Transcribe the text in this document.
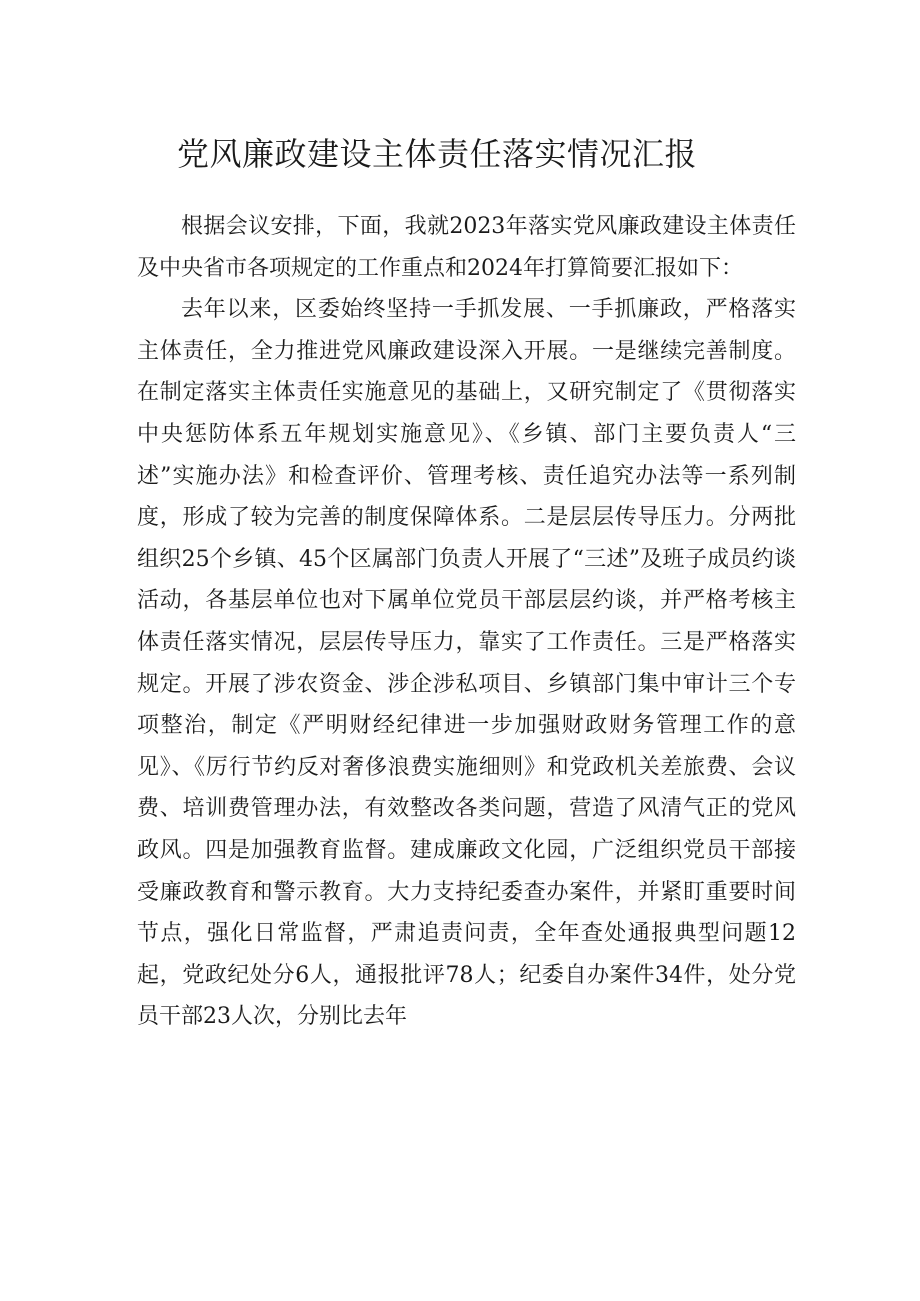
党风廉政建设主体责任落实情况汇报

根据会议安排，下面，我就2023年落实党风廉政建设主体责任及中央省市各项规定的工作重点和2024年打算简要汇报如下：

去年以来，区委始终坚持一手抓发展、一手抓廉政，严格落实主体责任，全力推进党风廉政建设深入开展。一是继续完善制度。在制定落实主体责任实施意见的基础上，又研究制定了《贯彻落实中央惩防体系五年规划实施意见》、《乡镇、部门主要负责人“三述”实施办法》和检查评价、管理考核、责任追究办法等一系列制度，形成了较为完善的制度保障体系。二是层层传导压力。分两批组织25个乡镇、45个区属部门负责人开展了“三述”及班子成员约谈活动，各基层单位也对下属单位党员干部层层约谈，并严格考核主体责任落实情况，层层传导压力，靠实了工作责任。三是严格落实规定。开展了涉农资金、涉企涉私项目、乡镇部门集中审计三个专项整治，制定《严明财经纪律进一步加强财政财务管理工作的意见》、《厉行节约反对奢侈浪费实施细则》和党政机关差旅费、会议费、培训费管理办法，有效整改各类问题，营造了风清气正的党风政风。四是加强教育监督。建成廉政文化园，广泛组织党员干部接受廉政教育和警示教育。大力支持纪委查办案件，并紧盯重要时间节点，强化日常监督，严肃追责问责，全年查处通报典型问题12起，党政纪处分6人，通报批评78人；纪委自办案件34件，处分党员干部23人次，分别比去年
